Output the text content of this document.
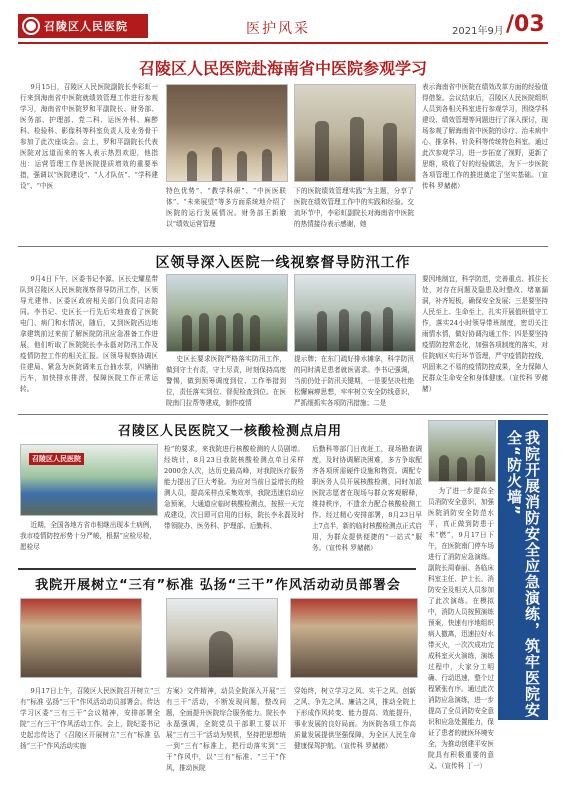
召陵区人民医院	医护风采	2021年9月 /03
召陵区人民医院赴海南省中医院参观学习

9月15日，召陵区人民医院副院长李彩虹一行来到海南省中医院就绩效管理工作进行参观学习，海南省中医院罗和平副院长、财务部、医务部、护理部、党二科、运医外科、麻醉科、检验科、影像科等科室负责人及业务骨干参加了此次座谈会。会上，罗和平副院长代表医院对远道而来的客人表示热烈欢迎，他指出：运营管理工作是医院提质增效的重要举措，强调以“医院建设”、“人才队伍”、“学科建设”、“中医

特色优势”、“教学科研”、“中医医联体”、“未来展望”等多方面系统地介绍了医院的运行发展情况。财务部王新娥以“绩效运营管理

下的医院绩效管理实践”为主题，分享了医院在绩效管理工作中的实践和经验。交流环节中，李彩虹副院长对海南省中医院的热情接待表示感谢，她

表示海南省中医院在绩效改革方面的经验值得借鉴。会议结束后，召陵区人民医院组织人员到各相关科室进行参观学习，围绕学科建设、绩效管理等问题进行了深入探讨，现场参观了解海南省中医院的诊疗、治未病中心、推拿科、针灸科等传统特色科室。通过此次参观学习，进一步拓宽了视野，更新了思维，吸收了好的经验做法，为下一步医院各项管理工作的推进奠定了坚实基础。（宣传科 罗赭赭）

区领导深入医院一线视察督导防汛工作

9月4日下午，区委书记李源、区长史耀星带队到召陵区人民医院视察督导防汛工作，区领导尤建伟、区委区政府相关部门负责同志陪同。李书记、史区长一行先后实地查看了医院电门、病门和水情况，随后，又到医院西边地拿建筑前过来前了解医院防汛应急准备工作进展，他们听取了医院院长李永磊对防汛工作及疫情防控工作的相关汇报。区领导视察协调区住建局、紧急为医院调来五台抽水泵，四辆抽污车，加快排水排涝，保障医院工作正常运转。

史区长要求医院严格落实防汛工作，做到守土有责，守土尽责，时刻保持高度警惕，做到预筹调度到位、工作举措到位，责任落实到位、督促检查到位。在医院南门拉帮等建成，制作疫情

提示牌；在东门疏好排水摊拿，科学防汛的同时满足患者就医需求。李书记强调，当前仍处于防汛关键期，一是要坚决杜绝松懈麻痹思想，牢牢树立安全防线意识，严抓细抓实各项防汛措施；二是

要因地制宜，科学防范，完善重点、抓住长处，对存在问题及隐患及时整改、堵塞漏洞，补齐短板，确保安全发展；三是要坚持人民至上、生命至上，扎实开展值班值守工作，落实24小时领导带班制度，密切关注雨情水情，做好协调沟通工作；四是要坚持疫情防控常态化，加强各项制度的落实，对住院病区实行环节管理，严守疫情防控线，巩固来之不易的疫情防控成果，全力保障人民群众生命安全和身体健康。（宣传科 罗赭赭）

召陵区人民医院又一核酸检测点启用
召陵区人民医院

近期，全国各地方省市相继出现本土病例，我市疫情防控形势十分严峻，根据“应检尽检，愿检尽

检”的要求，来我院进行核酸检测的人员剧增。经统计，8月23日我院核酸检测点单日采样2000余人次，达历史最高峰，对我院医疗服务能力提出了巨大考验。为应对当前日益增长的检测人员，提高采样点采集效率，我院迅速启动应急预案，大通道应临时核酸检测点，按照一天完成建设，次日即可启用的目标，院长李永磊及时带领院办、医务科、护理部、后勤科、

后勤科等部门日夜赶工，现场勘查调度，及时协调解决困难，多方争取配齐各项所需硬件设施和物资。调配专职医务人员开展核酸检测，同时加派医院志愿者在现场与群众客观解释，维持秩序，不遗余力配合核酸检测工作。经过精心安排部署，8月23日早上7点半，新的临时核酸检测点正式启用，为群众提供便捷的“一站式”服务。（宣传科 罗赭赭）

我院开展树立“三有”标准 弘扬“三干”作风活动动员部署会

9月17日上午，召陵区人民医院召开树立“三有”标准 弘扬“三干”作风活动动员部署会。传达学习区委“三有三干”会议精神，安排部署全院“三有三干”作风活动工作。会上，院纪委书记史起忠传达了《召陵区开展树立“三有”标准 弘扬“三干”作风活动实施

方案》文件精神，动员全院深入开展“三有三干”活动，不断发现问题，整改问题，全面提升医院综合服务能力。院长李永磊强调，全院党员干部职工要以开展“三有三干”活动为契机，坚持把思想统一到“三有”标准上，把行动落实到“三干”作风中，以“三有”标准、“三干”作风，推动医院

穿始终，树立学习之风、实干之风、创新之风、争先之风、廉洁之风，推动全院上下形成作风转变、能力提高、效能提升，事业发展的良好局面。为医院各项工作高质量发展提供坚强保障，为全区人民生命健康保驾护航。（宣传科 罗赭赭）

我院开展消防安全应急演练，筑牢医院安全“防火墙”

为了进一步提高全员消防安全意识，加强医院消防安全防范水平，真正做到防患于未“燃”，9月17日下午，在医院南门停车场进行了消防应急演练。副院长周春丽、各临床科室主任、护士长、消防安全及相关人员参加了此次演练。在模拟中，消防人员按照演练预案，快速有序地组织病人撤离，迅速拉好水带灭火，一次次成功完成科室灭火演练，演练过程中，大家分工明确、行动迅速，整个过程紧张有序。通过此次消防应急演练，进一步提高了全员消防安全意识和应急处置能力，保证了患者的就医环境安全，为推动创建平安医院具有积极重要的意义。（宣传科 丁一）
